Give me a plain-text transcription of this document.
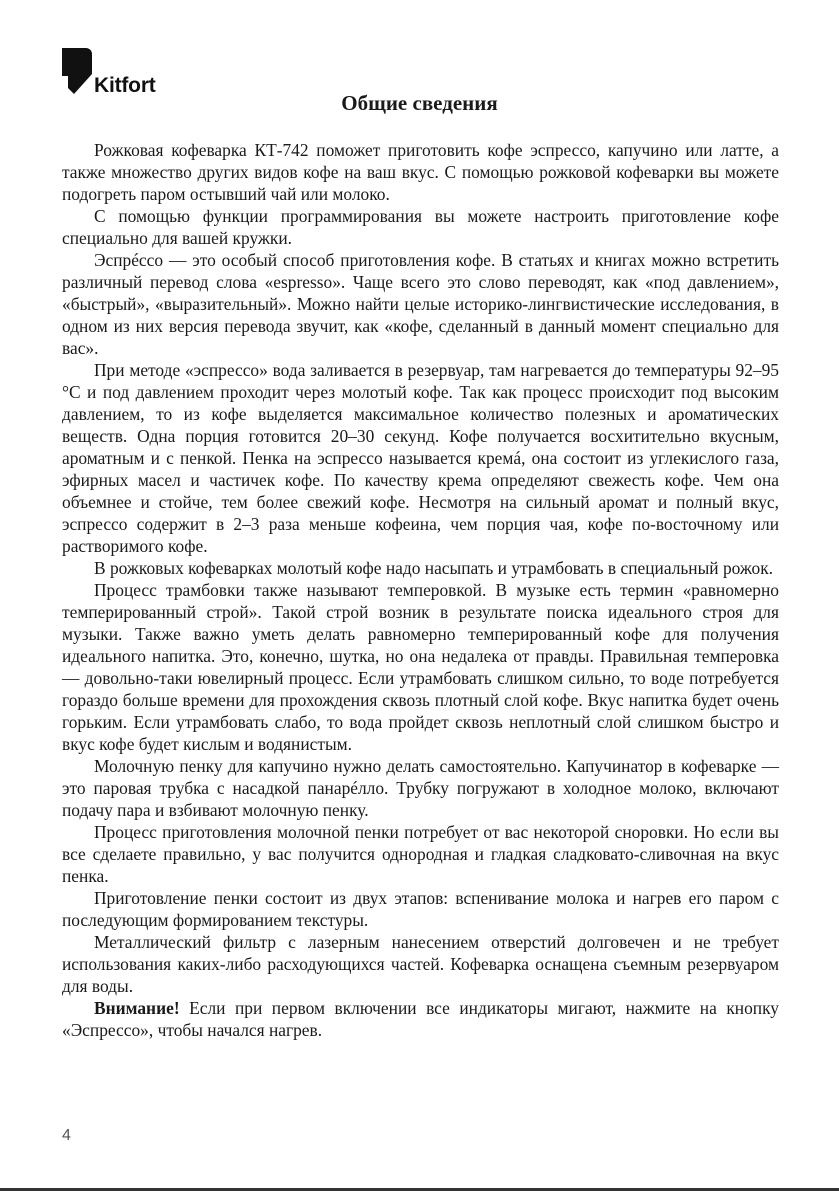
Kitfort
Общие сведения

Рожковая кофеварка КТ-742 поможет приготовить кофе эспрессо, капучино или латте, а также множество других видов кофе на ваш вкус. С помощью рожковой кофеварки вы можете подогреть паром остывший чай или молоко.

С помощью функции программирования вы можете настроить приготовление кофе специально для вашей кружки.

Эспрéссо — это особый способ приготовления кофе. В статьях и книгах можно встретить различный перевод слова «espresso». Чаще всего это слово переводят, как «под давлением», «быстрый», «выразительный». Можно найти целые историко-лингвистические исследования, в одном из них версия перевода звучит, как «кофе, сделанный в данный момент специально для вас».

При методе «эспрессо» вода заливается в резервуар, там нагревается до температуры 92–95 °C и под давлением проходит через молотый кофе. Так как процесс происходит под высоким давлением, то из кофе выделяется максимальное количество полезных и ароматических веществ. Одна порция готовится 20–30 секунд. Кофе получается восхитительно вкусным, ароматным и с пенкой. Пенка на эспрессо называется кремá, она состоит из углекислого газа, эфирных масел и частичек кофе. По качеству крема определяют свежесть кофе. Чем она объемнее и стойче, тем более свежий кофе. Несмотря на сильный аромат и полный вкус, эспрессо содержит в 2–3 раза меньше кофеина, чем порция чая, кофе по-восточному или растворимого кофе.

В рожковых кофеварках молотый кофе надо насыпать и утрамбовать в специальный рожок.

Процесс трамбовки также называют темперовкой. В музыке есть термин «равномерно темперированный строй». Такой строй возник в результате поиска идеального строя для музыки. Также важно уметь делать равномерно темперированный кофе для получения идеального напитка. Это, конечно, шутка, но она недалека от правды. Правильная темперовка — довольно-таки ювелирный процесс. Если утрамбовать слишком сильно, то воде потребуется гораздо больше времени для прохождения сквозь плотный слой кофе. Вкус напитка будет очень горьким. Если утрамбовать слабо, то вода пройдет сквозь неплотный слой слишком быстро и вкус кофе будет кислым и водянистым.

Молочную пенку для капучино нужно делать самостоятельно. Капучинатор в кофеварке — это паровая трубка с насадкой панарéлло. Трубку погружают в холодное молоко, включают подачу пара и взбивают молочную пенку.

Процесс приготовления молочной пенки потребует от вас некоторой сноровки. Но если вы все сделаете правильно, у вас получится однородная и гладкая сладковато-сливочная на вкус пенка.

Приготовление пенки состоит из двух этапов: вспенивание молока и нагрев его паром с последующим формированием текстуры.

Металлический фильтр с лазерным нанесением отверстий долговечен и не требует использования каких-либо расходующихся частей. Кофеварка оснащена съемным резервуаром для воды.

Внимание! Если при первом включении все индикаторы мигают, нажмите на кнопку «Эспрессо», чтобы начался нагрев.

4
